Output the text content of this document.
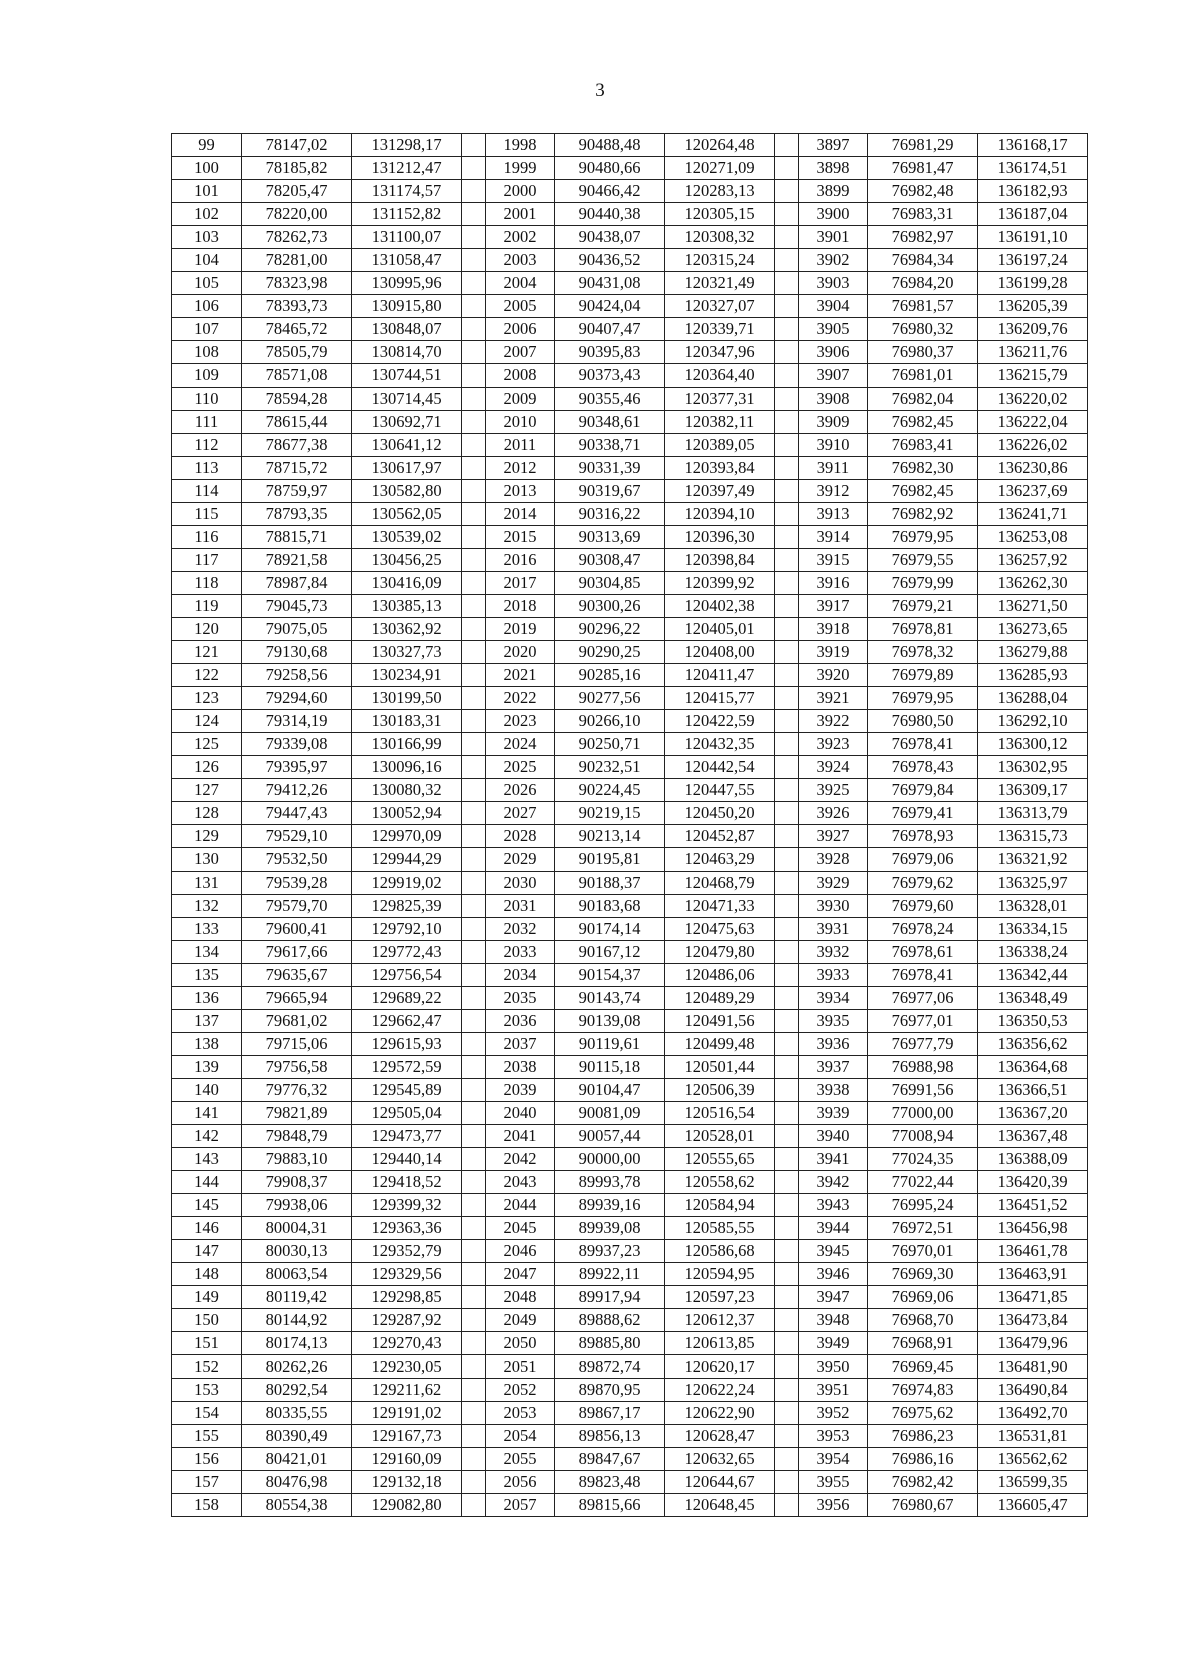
3
99	78147,02	131298,17		1998	90488,48	120264,48		3897	76981,29	136168,17
100	78185,82	131212,47		1999	90480,66	120271,09		3898	76981,47	136174,51
101	78205,47	131174,57		2000	90466,42	120283,13		3899	76982,48	136182,93
102	78220,00	131152,82		2001	90440,38	120305,15		3900	76983,31	136187,04
103	78262,73	131100,07		2002	90438,07	120308,32		3901	76982,97	136191,10
104	78281,00	131058,47		2003	90436,52	120315,24		3902	76984,34	136197,24
105	78323,98	130995,96		2004	90431,08	120321,49		3903	76984,20	136199,28
106	78393,73	130915,80		2005	90424,04	120327,07		3904	76981,57	136205,39
107	78465,72	130848,07		2006	90407,47	120339,71		3905	76980,32	136209,76
108	78505,79	130814,70		2007	90395,83	120347,96		3906	76980,37	136211,76
109	78571,08	130744,51		2008	90373,43	120364,40		3907	76981,01	136215,79
110	78594,28	130714,45		2009	90355,46	120377,31		3908	76982,04	136220,02
111	78615,44	130692,71		2010	90348,61	120382,11		3909	76982,45	136222,04
112	78677,38	130641,12		2011	90338,71	120389,05		3910	76983,41	136226,02
113	78715,72	130617,97		2012	90331,39	120393,84		3911	76982,30	136230,86
114	78759,97	130582,80		2013	90319,67	120397,49		3912	76982,45	136237,69
115	78793,35	130562,05		2014	90316,22	120394,10		3913	76982,92	136241,71
116	78815,71	130539,02		2015	90313,69	120396,30		3914	76979,95	136253,08
117	78921,58	130456,25		2016	90308,47	120398,84		3915	76979,55	136257,92
118	78987,84	130416,09		2017	90304,85	120399,92		3916	76979,99	136262,30
119	79045,73	130385,13		2018	90300,26	120402,38		3917	76979,21	136271,50
120	79075,05	130362,92		2019	90296,22	120405,01		3918	76978,81	136273,65
121	79130,68	130327,73		2020	90290,25	120408,00		3919	76978,32	136279,88
122	79258,56	130234,91		2021	90285,16	120411,47		3920	76979,89	136285,93
123	79294,60	130199,50		2022	90277,56	120415,77		3921	76979,95	136288,04
124	79314,19	130183,31		2023	90266,10	120422,59		3922	76980,50	136292,10
125	79339,08	130166,99		2024	90250,71	120432,35		3923	76978,41	136300,12
126	79395,97	130096,16		2025	90232,51	120442,54		3924	76978,43	136302,95
127	79412,26	130080,32		2026	90224,45	120447,55		3925	76979,84	136309,17
128	79447,43	130052,94		2027	90219,15	120450,20		3926	76979,41	136313,79
129	79529,10	129970,09		2028	90213,14	120452,87		3927	76978,93	136315,73
130	79532,50	129944,29		2029	90195,81	120463,29		3928	76979,06	136321,92
131	79539,28	129919,02		2030	90188,37	120468,79		3929	76979,62	136325,97
132	79579,70	129825,39		2031	90183,68	120471,33		3930	76979,60	136328,01
133	79600,41	129792,10		2032	90174,14	120475,63		3931	76978,24	136334,15
134	79617,66	129772,43		2033	90167,12	120479,80		3932	76978,61	136338,24
135	79635,67	129756,54		2034	90154,37	120486,06		3933	76978,41	136342,44
136	79665,94	129689,22		2035	90143,74	120489,29		3934	76977,06	136348,49
137	79681,02	129662,47		2036	90139,08	120491,56		3935	76977,01	136350,53
138	79715,06	129615,93		2037	90119,61	120499,48		3936	76977,79	136356,62
139	79756,58	129572,59		2038	90115,18	120501,44		3937	76988,98	136364,68
140	79776,32	129545,89		2039	90104,47	120506,39		3938	76991,56	136366,51
141	79821,89	129505,04		2040	90081,09	120516,54		3939	77000,00	136367,20
142	79848,79	129473,77		2041	90057,44	120528,01		3940	77008,94	136367,48
143	79883,10	129440,14		2042	90000,00	120555,65		3941	77024,35	136388,09
144	79908,37	129418,52		2043	89993,78	120558,62		3942	77022,44	136420,39
145	79938,06	129399,32		2044	89939,16	120584,94		3943	76995,24	136451,52
146	80004,31	129363,36		2045	89939,08	120585,55		3944	76972,51	136456,98
147	80030,13	129352,79		2046	89937,23	120586,68		3945	76970,01	136461,78
148	80063,54	129329,56		2047	89922,11	120594,95		3946	76969,30	136463,91
149	80119,42	129298,85		2048	89917,94	120597,23		3947	76969,06	136471,85
150	80144,92	129287,92		2049	89888,62	120612,37		3948	76968,70	136473,84
151	80174,13	129270,43		2050	89885,80	120613,85		3949	76968,91	136479,96
152	80262,26	129230,05		2051	89872,74	120620,17		3950	76969,45	136481,90
153	80292,54	129211,62		2052	89870,95	120622,24		3951	76974,83	136490,84
154	80335,55	129191,02		2053	89867,17	120622,90		3952	76975,62	136492,70
155	80390,49	129167,73		2054	89856,13	120628,47		3953	76986,23	136531,81
156	80421,01	129160,09		2055	89847,67	120632,65		3954	76986,16	136562,62
157	80476,98	129132,18		2056	89823,48	120644,67		3955	76982,42	136599,35
158	80554,38	129082,80		2057	89815,66	120648,45		3956	76980,67	136605,47
